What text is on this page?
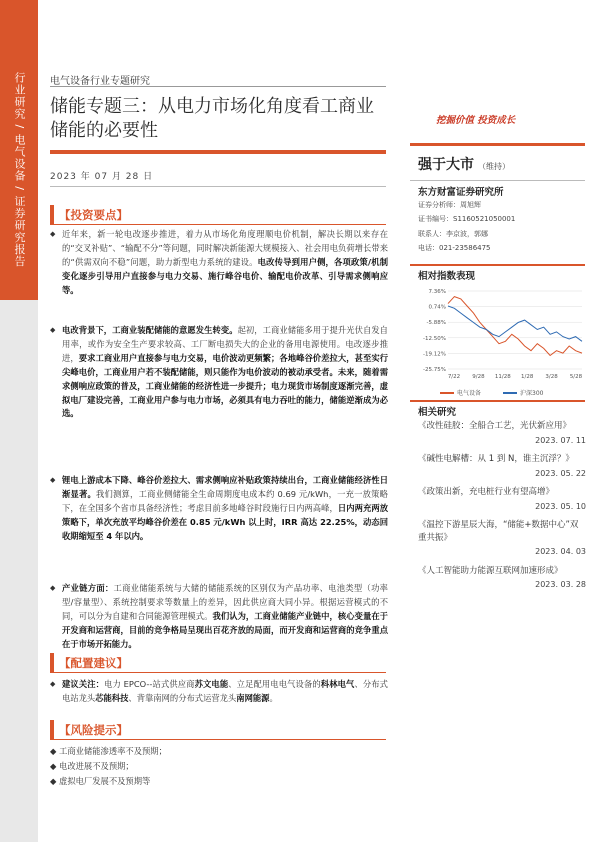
行业研究 / 电气设备 / 证券研究报告	电气设备行业专题研究
储能专题三：从电力市场化角度看工商业储能的必要性
2023 年 07 月 28 日
挖掘价值 投资成长
强于大市 （维持）
东方财富证券研究所
证券分析师：周旭辉
证书编号：S1160521050001
联系人：李京波，郭娜
电话：021-23586475
相对指数表现
7.36%
0.74%
-5.88%
-12.50%
-19.12%
-25.75%
7/22 9/28 11/28 1/28 3/28 5/28
电气设备	沪深300
相关研究
《改性硅胶：全船合工艺，光伏新应用》
2023. 07. 11
《碱性电解槽：从 1 到 N，谁主沉浮？》
2023. 05. 22
《政策出新，充电桩行业有望高增》
2023. 05. 10
《温控下游星辰大海，“储能+数据中心”双重共振》
2023. 04. 03
《人工智能助力能源互联网加速形成》
2023. 03. 28
【投资要点】
◆ 近年来，新一轮电改逐步推进，着力从市场化角度理顺电价机制，解决长期以来存在的“交叉补贴”、“输配不分”等问题，同时解决新能源大规模接入、社会用电负荷增长带来的“供需双向不稳”问题，助力新型电力系统的建设。电改传导到用户侧，各项政策/机制变化逐步引导用户直接参与电力交易、施行峰谷电价、输配电价改革、引导需求侧响应等。
◆ 电改背景下，工商业装配储能的意愿发生转变。起初，工商业储能多用于提升光伏自发自用率，或作为安全生产要求较高、工厂断电损失大的企业的备用电源使用。电改逐步推进，要求工商业用户直接参与电力交易，电价波动更频繁；各地峰谷价差拉大，甚至实行尖峰电价，工商业用户若不装配储能，则只能作为电价波动的被动承受者。未来，随着需求侧响应政策的普及，工商业储能的经济性进一步提升；电力现货市场制度逐渐完善，虚拟电厂建设完善，工商业用户参与电力市场，必须具有电力吞吐的能力，储能逆渐成为必选。
◆ 锂电上游成本下降、峰谷价差拉大、需求侧响应补贴政策持续出台，工商业储能经济性日渐显著。我们测算，工商业侧储能全生命周期度电成本约 0.69 元/kWh，一充一放策略下，在全国多个省市具备经济性；考虑目前多地峰谷时段施行日内两高峰，日内两充两放策略下，单次充放平均峰谷价差在 0.85 元/kWh 以上时，IRR 高达 22.25%，动态回收期缩短至 4 年以内。
◆ 产业链方面：工商业储能系统与大储的储能系统的区别仅为产品功率、电池类型（功率型/容量型）、系统控制要求等数量上的差异，因此供应商大同小异。根据运营模式的不同，可以分为自建和合同能源管理模式。我们认为，工商业储能产业链中，核心变量在于开发商和运营商，目前的竞争格局呈现出百花齐放的局面，而开发商和运营商的竞争重点在于市场开拓能力。
【配置建议】
◆ 建议关注：电力 EPCO--站式供应商苏文电能、立足配用电电气设备的科林电气、分布式电站龙头芯能科技、背靠南网的分布式运营龙头南网能源。
【风险提示】
◆ 工商业储能渗透率不及预期；
◆ 电改进展不及预期；
◆ 虚拟电厂发展不及预期等
